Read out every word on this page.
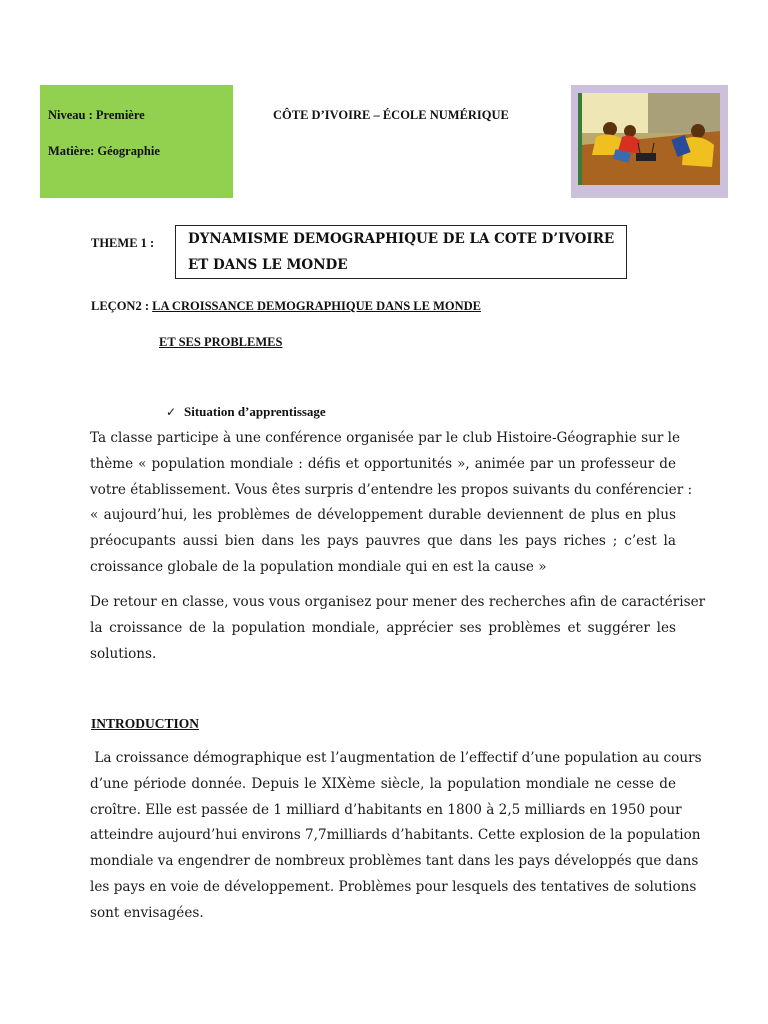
Niveau : Première
Matière: Géographie
CÔTE D’IVOIRE – ÉCOLE NUMÉRIQUE
THEME 1 :	DYNAMISME DEMOGRAPHIQUE DE LA COTE D’IVOIRE
ET DANS LE MONDE
LEÇON2 : LA CROISSANCE DEMOGRAPHIQUE DANS LE MONDE
ET SES PROBLEMES
✓ Situation d’apprentissage
Ta classe participe à une conférence organisée par le club Histoire-Géographie sur le
thème « population mondiale : défis et opportunités », animée par un professeur de
votre établissement. Vous êtes surpris d’entendre les propos suivants du conférencier :
« aujourd’hui, les problèmes de développement durable deviennent de plus en plus
préocupants aussi bien dans les pays pauvres que dans les pays riches ; c’est la
croissance globale de la population mondiale qui en est la cause »
De retour en classe, vous vous organisez pour mener des recherches afin de caractériser
la croissance de la population mondiale, apprécier ses problèmes et suggérer les
solutions.
INTRODUCTION
La croissance démographique est l’augmentation de l’effectif d’une population au cours
d’une période donnée. Depuis le XIXème siècle, la population mondiale ne cesse de
croître. Elle est passée de 1 milliard d’habitants en 1800 à 2,5 milliards en 1950 pour
atteindre aujourd’hui environs 7,7milliards d’habitants. Cette explosion de la population
mondiale va engendrer de nombreux problèmes tant dans les pays développés que dans
les pays en voie de développement. Problèmes pour lesquels des tentatives de solutions
sont envisagées.
